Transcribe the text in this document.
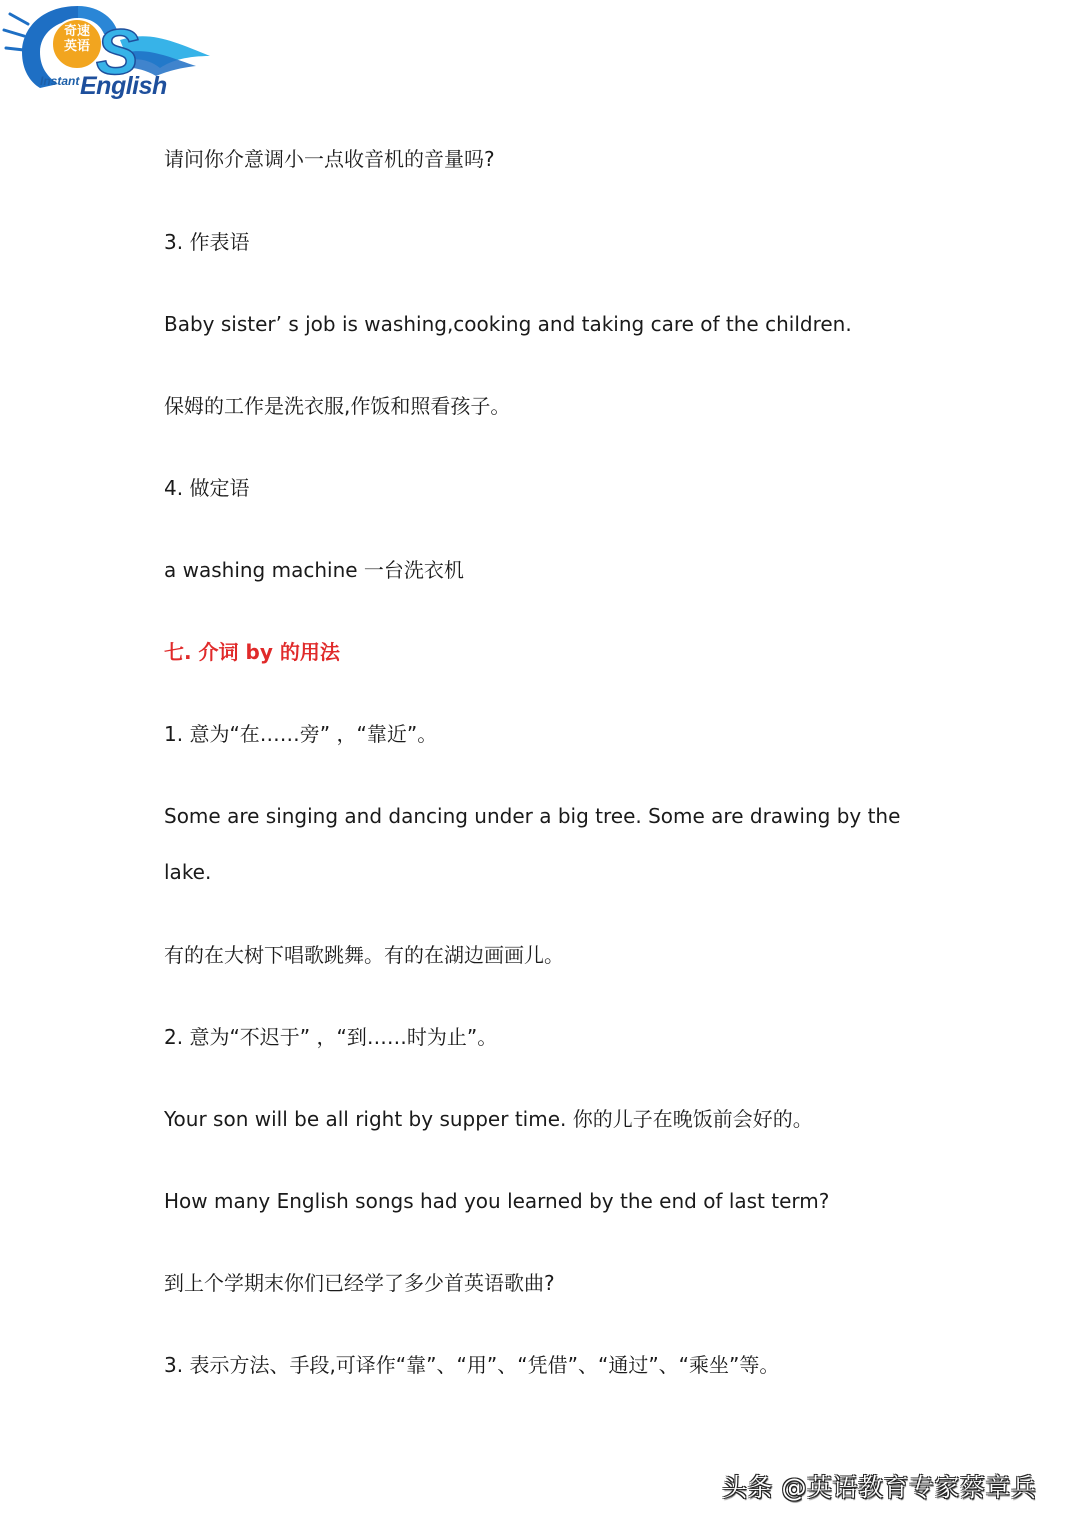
S
奇速
英语
Instant English
请问你介意调小一点收音机的音量吗?
3. 作表语
Baby sister’ s job is washing,cooking and taking care of the children.
保姆的工作是洗衣服,作饭和照看孩子。
4. 做定语
a washing machine 一台洗衣机
七. 介词 by 的用法
1. 意为“在……旁” ，“靠近”。
Some are singing and dancing under a big tree. Some are drawing by the
lake.
有的在大树下唱歌跳舞。有的在湖边画画儿。
2. 意为“不迟于” ，“到……时为止”。
Your son will be all right by supper time. 你的儿子在晚饭前会好的。
How many English songs had you learned by the end of last term?
到上个学期末你们已经学了多少首英语歌曲?
3. 表示方法、手段,可译作“靠”、“用”、“凭借”、“通过”、“乘坐”等。
头条 @英语教育专家蔡章兵
